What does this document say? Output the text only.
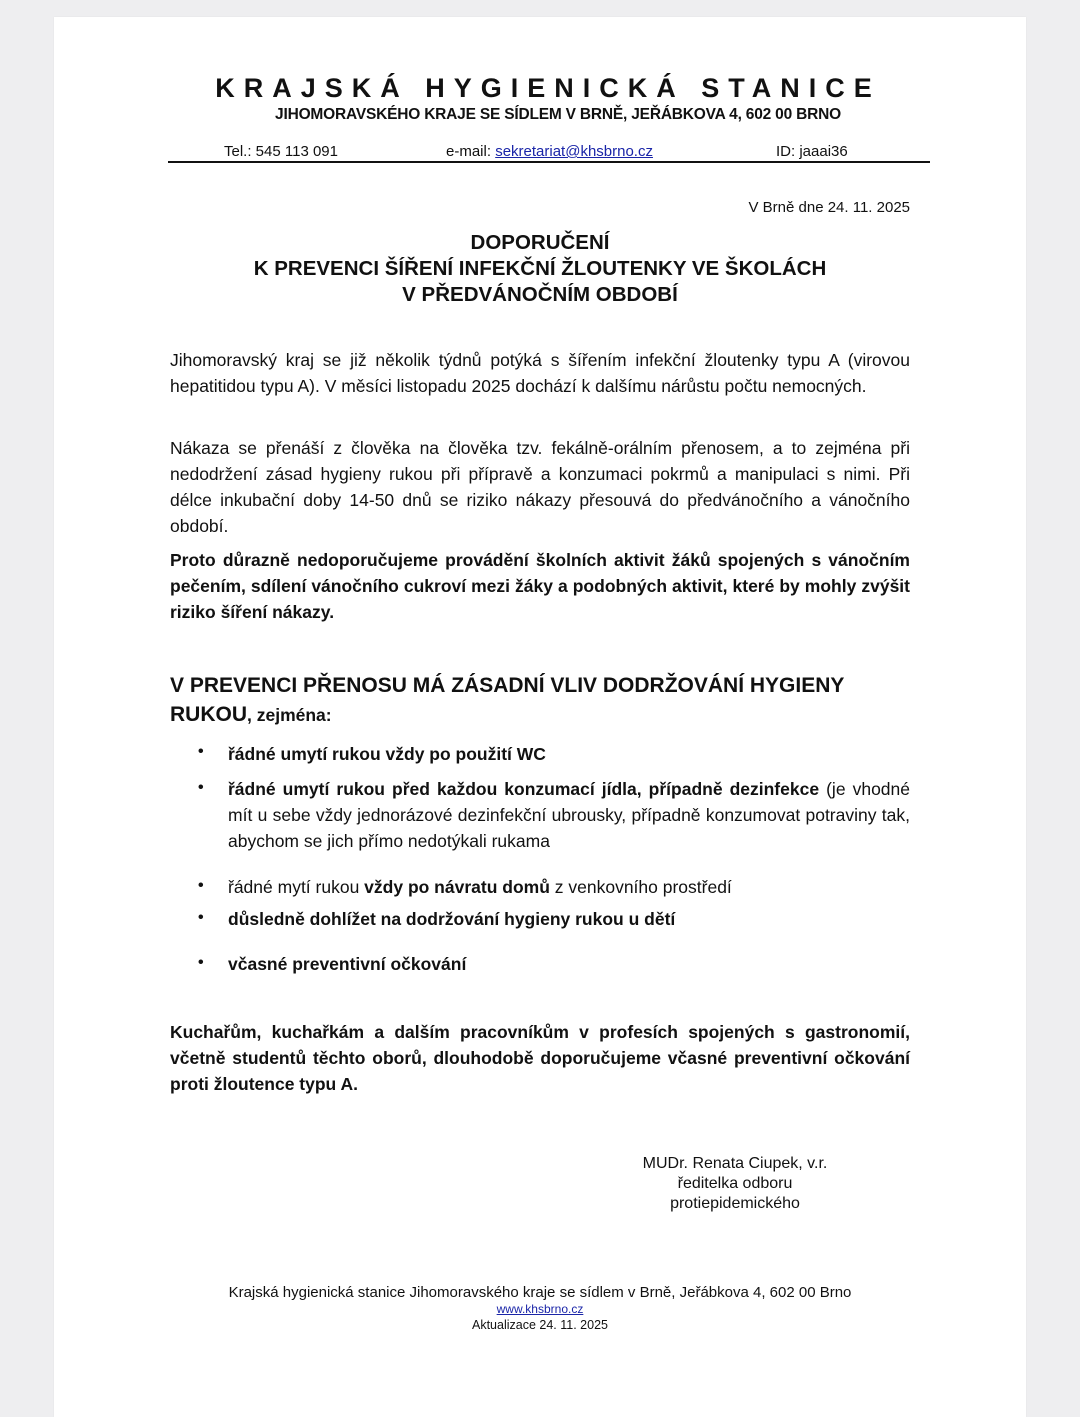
KRAJSKÁ HYGIENICKÁ STANICE
JIHOMORAVSKÉHO KRAJE SE SÍDLEM V BRNĚ, JEŘÁBKOVA 4, 602 00 BRNO
Tel.: 545 113 091	e-mail: sekretariat@khsbrno.cz	ID: jaaai36
V Brně dne 24. 11. 2025
DOPORUČENÍ
K PREVENCI ŠÍŘENÍ INFEKČNÍ ŽLOUTENKY VE ŠKOLÁCH
V PŘEDVÁNOČNÍM OBDOBÍ
Jihomoravský kraj se již několik týdnů potýká s šířením infekční žloutenky typu A (virovou hepatitidou typu A). V měsíci listopadu 2025 dochází k dalšímu nárůstu počtu nemocných.
Nákaza se přenáší z člověka na člověka tzv. fekálně-orálním přenosem, a to zejména při nedodržení zásad hygieny rukou při přípravě a konzumaci pokrmů a manipulaci s nimi. Při délce inkubační doby 14-50 dnů se riziko nákazy přesouvá do předvánočního a vánočního období.
Proto důrazně nedoporučujeme provádění školních aktivit žáků spojených s vánočním pečením, sdílení vánočního cukroví mezi žáky a podobných aktivit, které by mohly zvýšit riziko šíření nákazy.
V PREVENCI PŘENOSU MÁ ZÁSADNÍ VLIV DODRŽOVÁNÍ HYGIENY RUKOU, zejména:
• řádné umytí rukou vždy po použití WC
• řádné umytí rukou před každou konzumací jídla, případně dezinfekce (je vhodné mít u sebe vždy jednorázové dezinfekční ubrousky, případně konzumovat potraviny tak, abychom se jich přímo nedotýkali rukama
• řádné mytí rukou vždy po návratu domů z venkovního prostředí
• důsledně dohlížet na dodržování hygieny rukou u dětí
• včasné preventivní očkování
Kuchařům, kuchařkám a dalším pracovníkům v profesích spojených s gastronomií, včetně studentů těchto oborů, dlouhodobě doporučujeme včasné preventivní očkování proti žloutence typu A.
MUDr. Renata Ciupek, v.r.
ředitelka odboru
protiepidemického
Krajská hygienická stanice Jihomoravského kraje se sídlem v Brně, Jeřábkova 4, 602 00 Brno
www.khsbrno.cz
Aktualizace 24. 11. 2025
